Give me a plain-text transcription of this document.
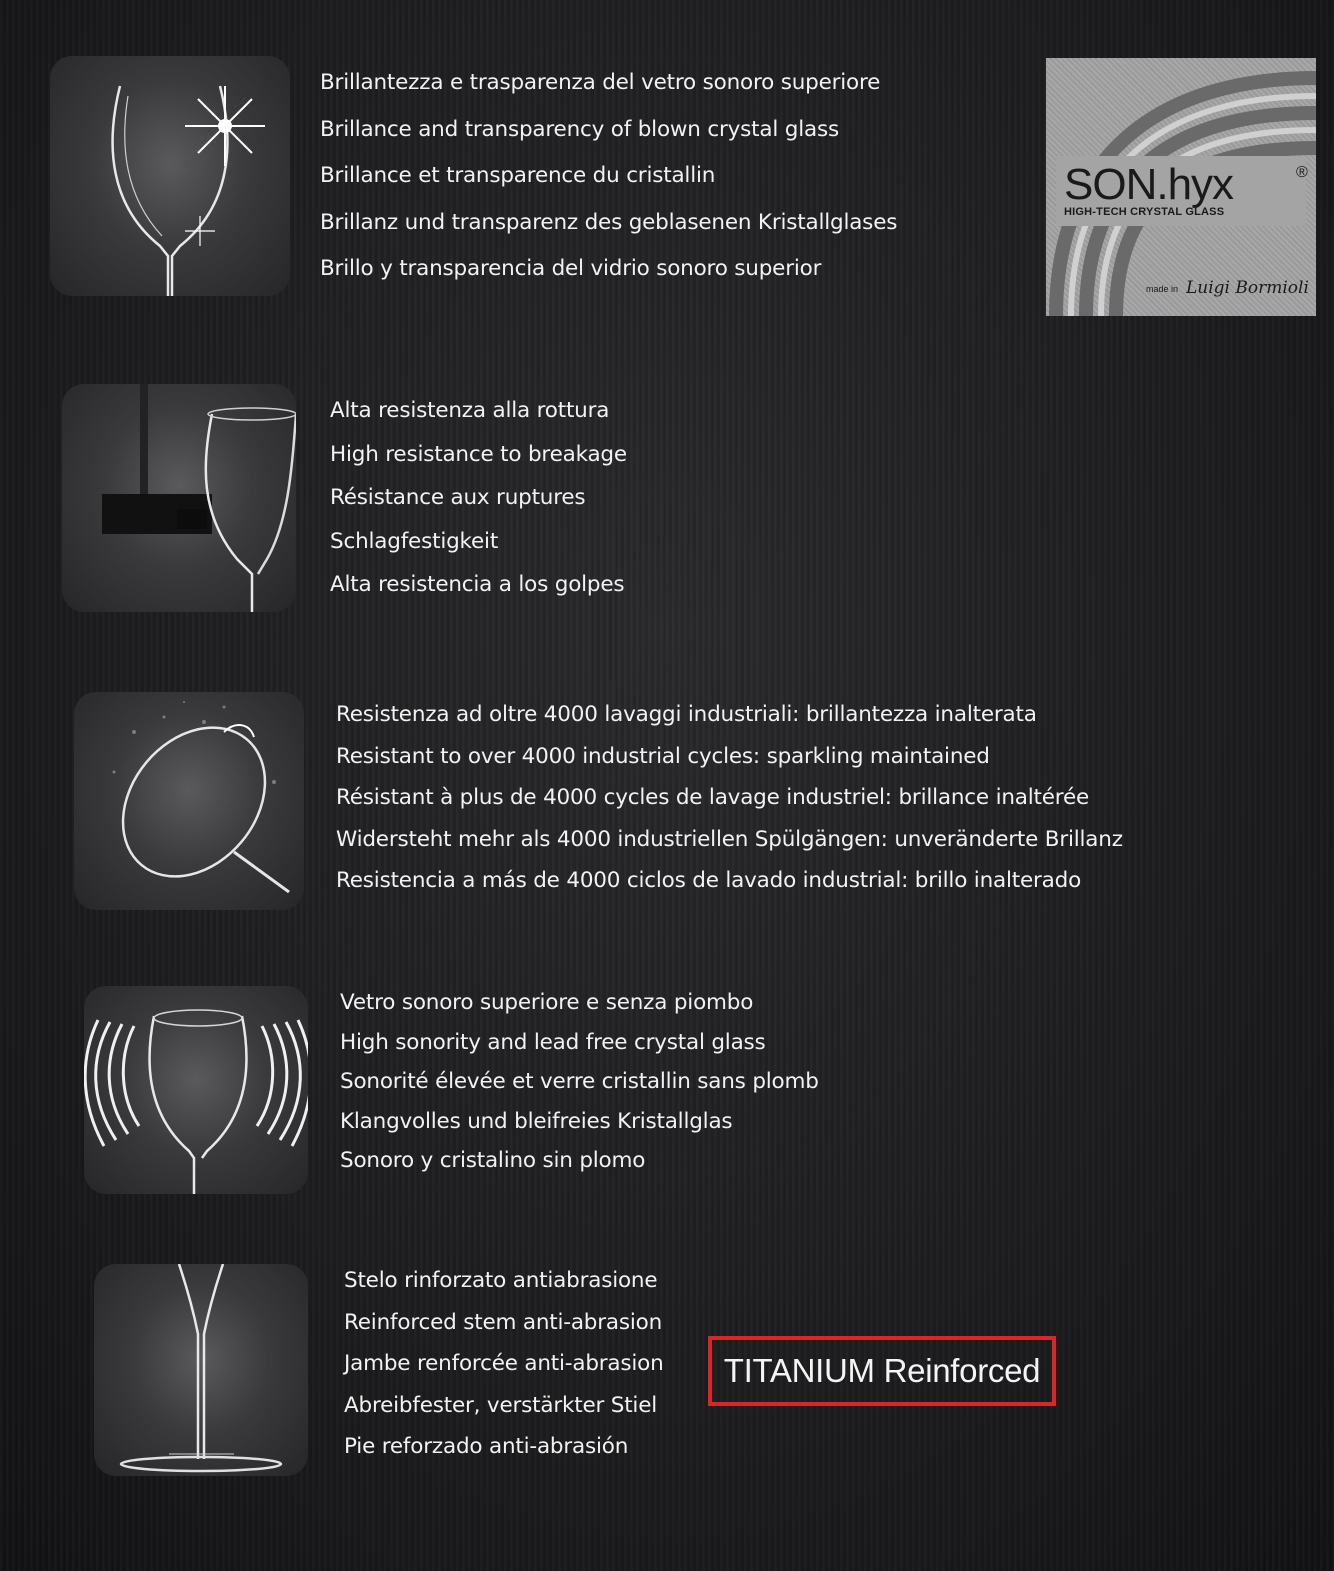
Brillantezza e trasparenza del vetro sonoro superiore

Brillance and transparency of blown crystal glass

Brillance et transparence du cristallin

Brillanz und transparenz des geblasenen Kristallglases

Brillo y transparencia del vidrio sonoro superior

Alta resistenza alla rottura

High resistance to breakage

Résistance aux ruptures

Schlagfestigkeit

Alta resistencia a los golpes

Resistenza ad oltre 4000 lavaggi industriali: brillantezza inalterata

Resistant to over 4000 industrial cycles: sparkling maintained

Résistant à plus de 4000 cycles de lavage industriel: brillance inaltérée

Widersteht mehr als 4000 industriellen Spülgängen: unveränderte Brillanz

Resistencia a más de 4000 ciclos de lavado industrial: brillo inalterado

Vetro sonoro superiore e senza piombo

High sonority and lead free crystal glass

Sonorité élevée et verre cristallin sans plomb

Klangvolles und bleifreies Kristallglas

Sonoro y cristalino sin plomo

Stelo rinforzato antiabrasione

Reinforced stem anti-abrasion

Jambe renforcée anti-abrasion

Abreibfester, verstärkter Stiel

Pie reforzado anti-abrasión

SON.hyx	®
HIGH-TECH CRYSTAL GLASS
made in Luigi Bormioli
TITANIUM Reinforced
